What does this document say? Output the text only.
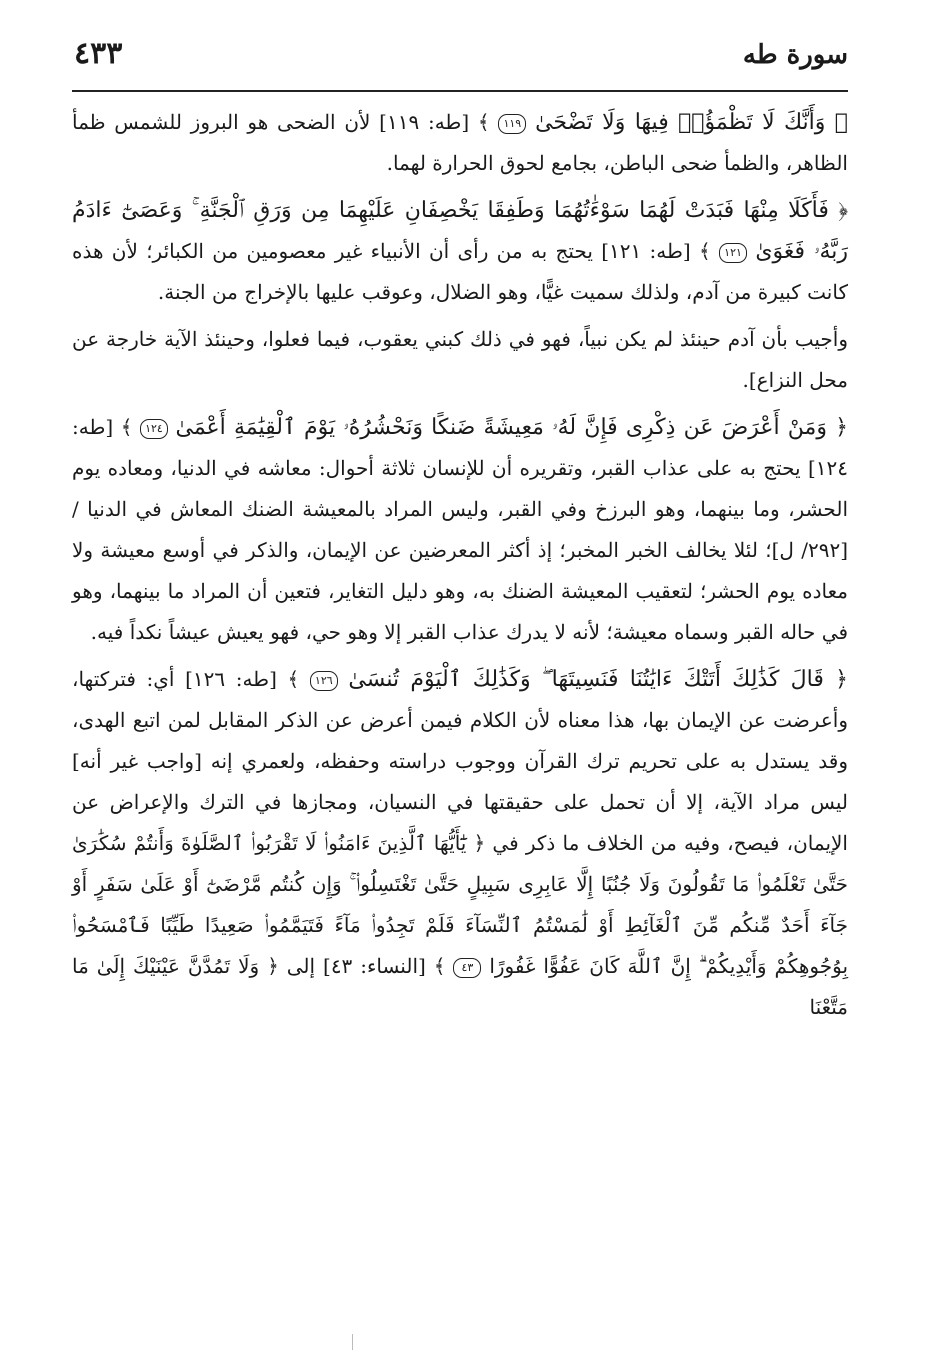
سورة طه
٤٣٣

﴿ وَأَنَّكَ لَا تَظْمَؤُا۟ فِيهَا وَلَا تَضْحَىٰ ١١٩ ﴾ [طه: ١١٩] لأن الضحى هو البروز للشمس ظمأ الظاهر، والظمأ ضحى الباطن، بجامع لحوق الحرارة لهما.

﴿ فَأَكَلَا مِنْهَا فَبَدَتْ لَهُمَا سَوْءَٰتُهُمَا وَطَفِقَا يَخْصِفَانِ عَلَيْهِمَا مِن وَرَقِ ٱلْجَنَّةِ ۚ وَعَصَىٰٓ ءَادَمُ رَبَّهُۥ فَغَوَىٰ ١٢١ ﴾ [طه: ١٢١] يحتج به من رأى أن الأنبياء غير معصومين من الكبائر؛ لأن هذه كانت كبيرة من آدم، ولذلك سميت غيًّا، وهو الضلال، وعوقب عليها بالإخراج من الجنة.

وأجيب بأن آدم حينئذ لم يكن نبياً، فهو في ذلك كبني يعقوب، فيما فعلوا، وحينئذ الآية خارجة عن محل النزاع].

﴿ وَمَنْ أَعْرَضَ عَن ذِكْرِى فَإِنَّ لَهُۥ مَعِيشَةً ضَنكًا وَنَحْشُرُهُۥ يَوْمَ ٱلْقِيَٰمَةِ أَعْمَىٰ ١٢٤ ﴾ [طه: ١٢٤] يحتج به على عذاب القبر، وتقريره أن للإنسان ثلاثة أحوال: معاشه في الدنيا، ومعاده يوم الحشر، وما بينهما، وهو البرزخ وفي القبر، وليس المراد بالمعيشة الضنك المعاش في الدنيا / [٢٩٢/ ل]؛ لئلا يخالف الخبر المخبر؛ إذ أكثر المعرضين عن الإيمان، والذكر في أوسع معيشة ولا معاده يوم الحشر؛ لتعقيب المعيشة الضنك به، وهو دليل التغاير، فتعين أن المراد ما بينهما، وهو في حاله القبر وسماه معيشة؛ لأنه لا يدرك عذاب القبر إلا وهو حي، فهو يعيش عيشاً نكداً فيه.

﴿ قَالَ كَذَٰلِكَ أَتَتْكَ ءَايَٰتُنَا فَنَسِيتَهَا ۖ وَكَذَٰلِكَ ٱلْيَوْمَ تُنسَىٰ ١٢٦ ﴾ [طه: ١٢٦] أي: فتركتها، وأعرضت عن الإيمان بها، هذا معناه لأن الكلام فيمن أعرض عن الذكر المقابل لمن اتبع الهدى، وقد يستدل به على تحريم ترك القرآن ووجوب دراسته وحفظه، ولعمري إنه [واجب غير أنه] ليس مراد الآية، إلا أن تحمل على حقيقتها في النسيان، ومجازها في الترك والإعراض عن الإيمان، فيصح، وفيه من الخلاف ما ذكر في ﴿ يَٰٓأَيُّهَا ٱلَّذِينَ ءَامَنُوا۟ لَا تَقْرَبُوا۟ ٱلصَّلَوٰةَ وَأَنتُمْ سُكَٰرَىٰ حَتَّىٰ تَعْلَمُوا۟ مَا تَقُولُونَ وَلَا جُنُبًا إِلَّا عَابِرِى سَبِيلٍ حَتَّىٰ تَغْتَسِلُوا۟ ۚ وَإِن كُنتُم مَّرْضَىٰٓ أَوْ عَلَىٰ سَفَرٍ أَوْ جَآءَ أَحَدٌ مِّنكُم مِّنَ ٱلْغَآئِطِ أَوْ لَٰمَسْتُمُ ٱلنِّسَآءَ فَلَمْ تَجِدُوا۟ مَآءً فَتَيَمَّمُوا۟ صَعِيدًا طَيِّبًا فَٱمْسَحُوا۟ بِوُجُوهِكُمْ وَأَيْدِيكُمْ ۗ إِنَّ ٱللَّهَ كَانَ عَفُوًّا غَفُورًا ٤٣ ﴾ [النساء: ٤٣] إلى ﴿ وَلَا تَمُدَّنَّ عَيْنَيْكَ إِلَىٰ مَا مَتَّعْنَا
